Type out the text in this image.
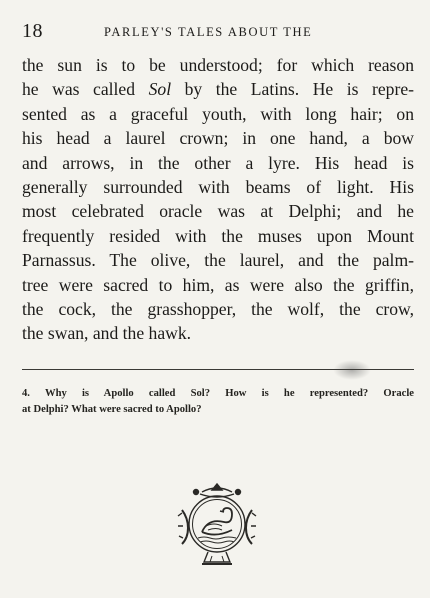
18	PARLEY'S TALES ABOUT THE
the sun is to be understood; for which reason
he was called Sol by the Latins. He is repre-
sented as a graceful youth, with long hair; on
his head a laurel crown; in one hand, a bow
and arrows, in the other a lyre. His head is
generally surrounded with beams of light. His
most celebrated oracle was at Delphi; and he
frequently resided with the muses upon Mount
Parnassus. The olive, the laurel, and the palm-
tree were sacred to him, as were also the griffin,
the cock, the grasshopper, the wolf, the crow,
the swan, and the hawk.
4. Why is Apollo called Sol? How is he represented? Oracle
at Delphi? What were sacred to Apollo?
